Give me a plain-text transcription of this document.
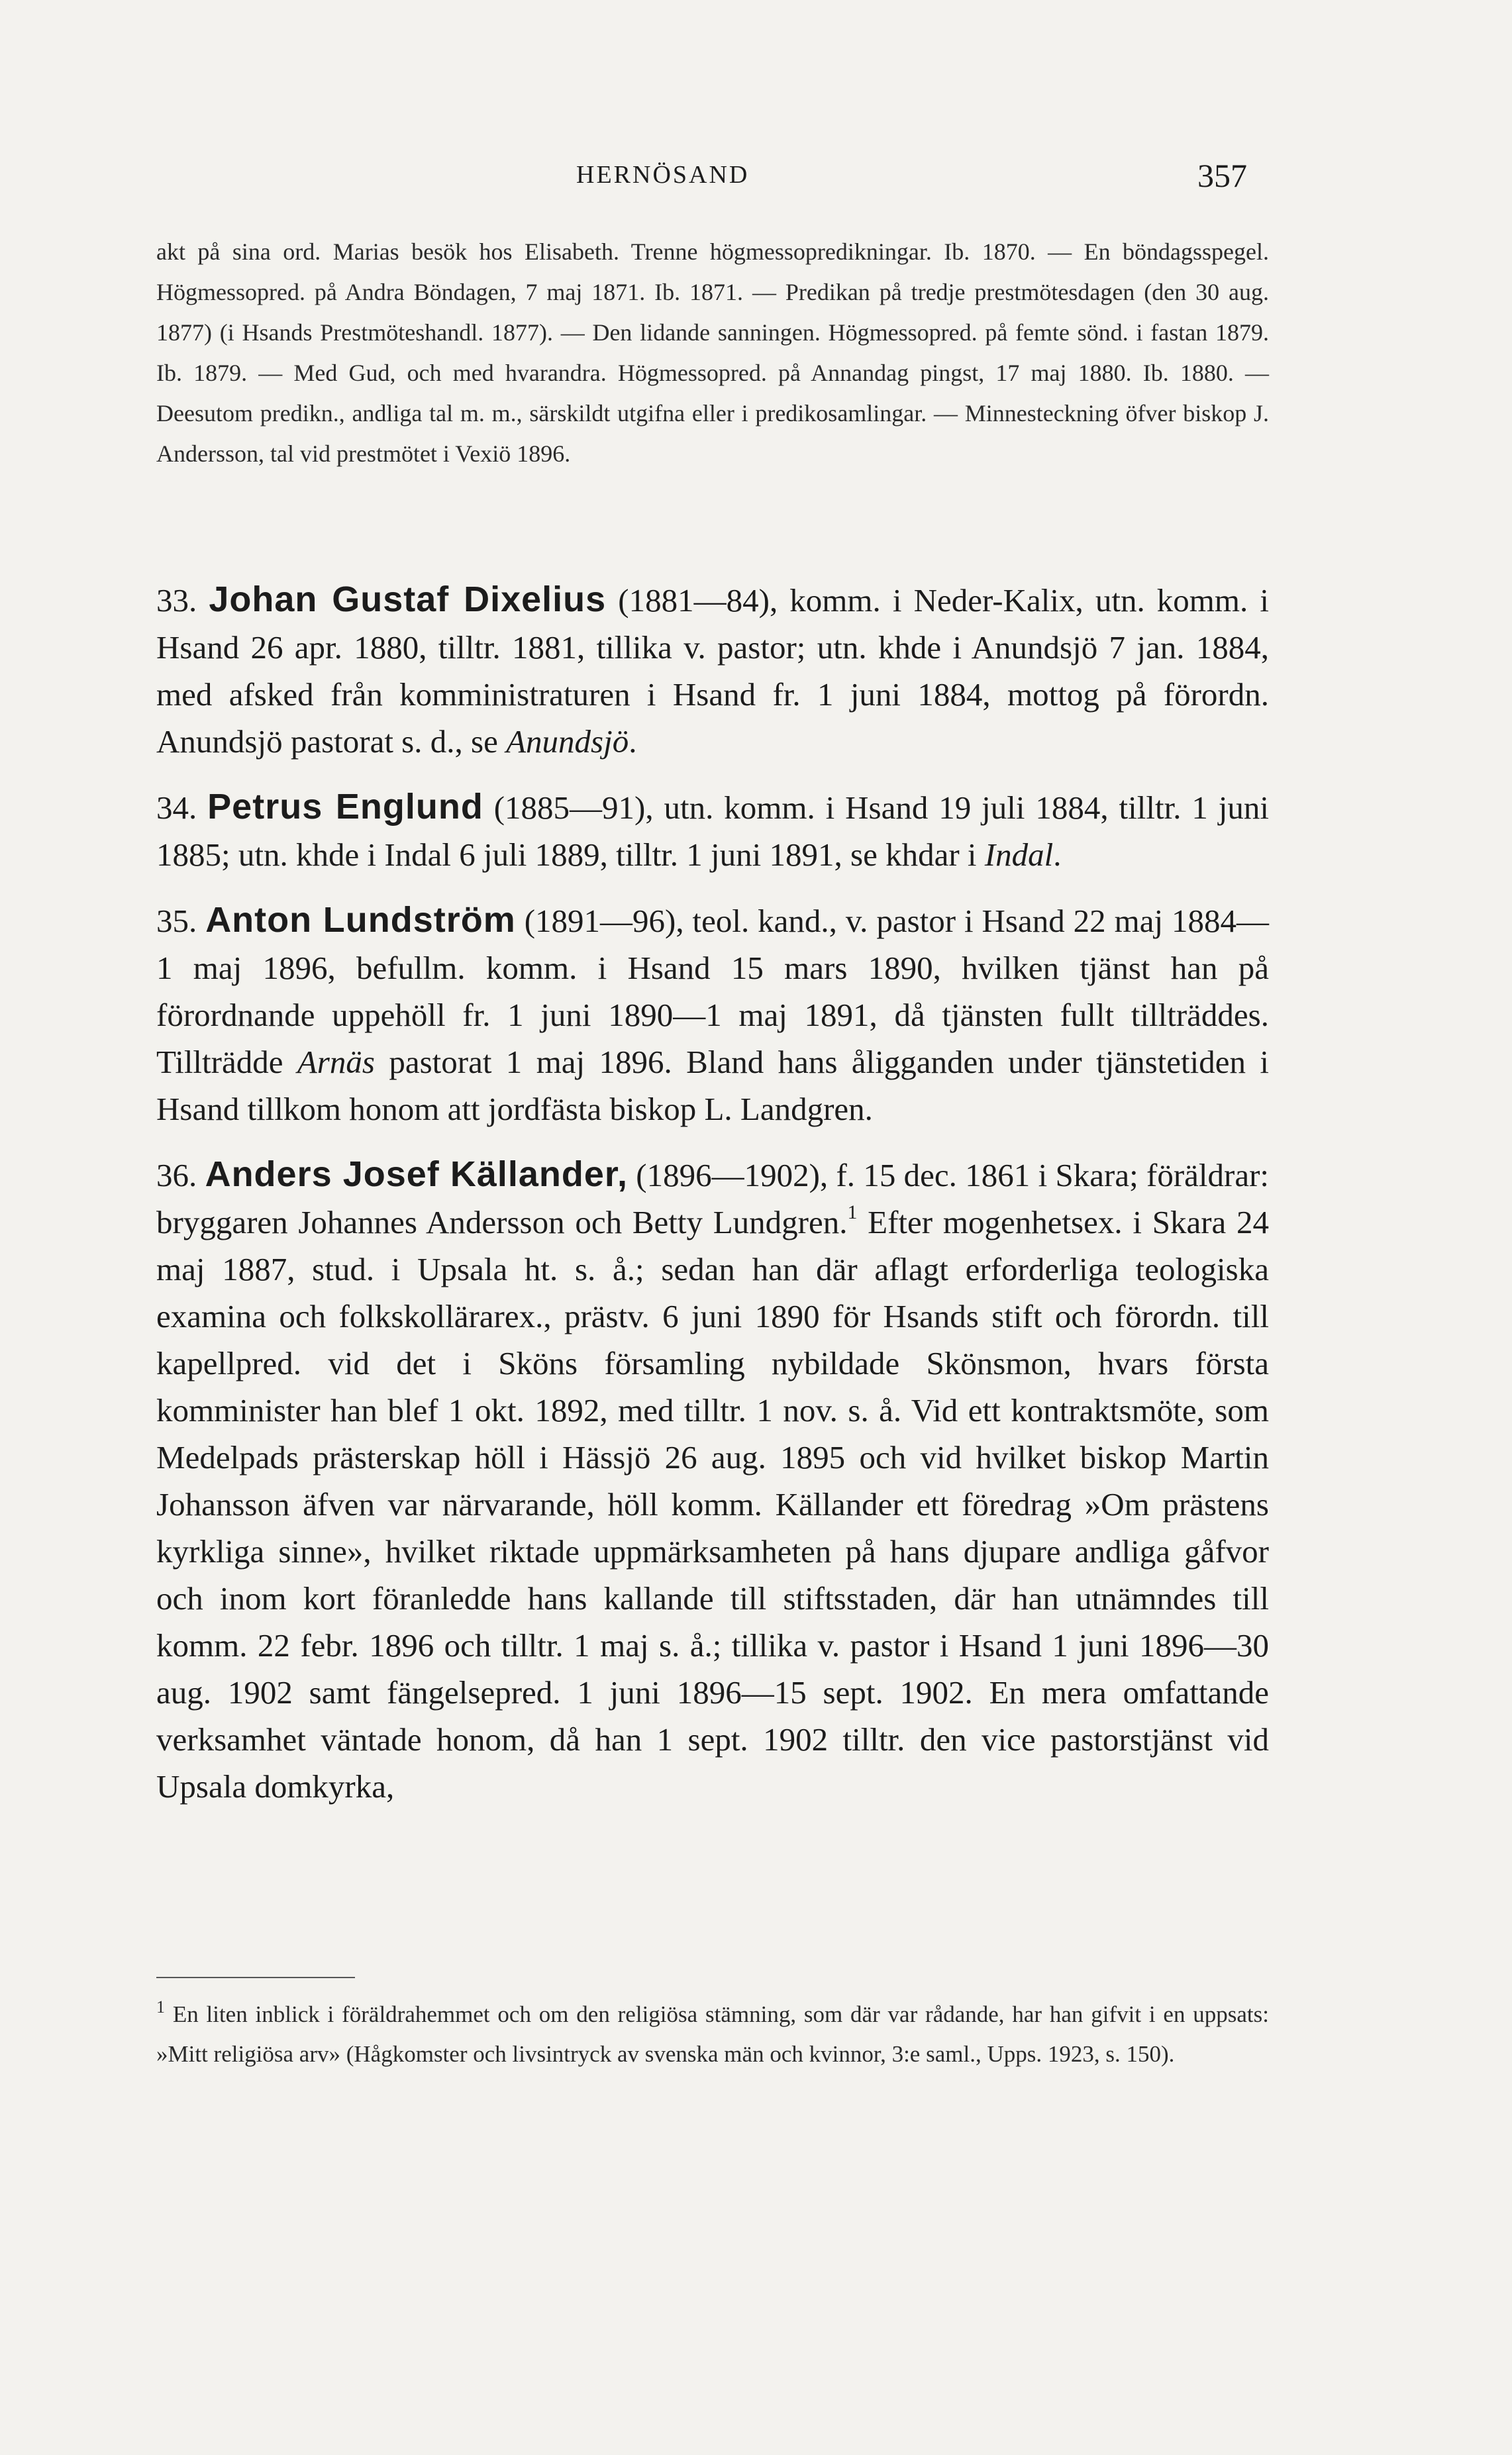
HERNÖSAND	357
akt på sina ord. Marias besök hos Elisabeth. Trenne högmessopredikningar. Ib. 1870. — En böndagsspegel. Högmessopred. på Andra Böndagen, 7 maj 1871. Ib. 1871. — Predikan på tredje prestmötesdagen (den 30 aug. 1877) (i Hsands Prestmöteshandl. 1877). — Den lidande sanningen. Högmessopred. på femte sönd. i fastan 1879. Ib. 1879. — Med Gud, och med hvarandra. Högmessopred. på Annandag pingst, 17 maj 1880. Ib. 1880. — Deesutom predikn., andliga tal m. m., särskildt utgifna eller i predikosamlingar. — Minnesteckning öfver biskop J. Andersson, tal vid prestmötet i Vexiö 1896.

33. Johan Gustaf Dixelius (1881—84), komm. i Neder-Kalix, utn. komm. i Hsand 26 apr. 1880, tilltr. 1881, tillika v. pastor; utn. khde i Anundsjö 7 jan. 1884, med afsked från komministraturen i Hsand fr. 1 juni 1884, mottog på förordn. Anundsjö pastorat s. d., se Anundsjö.

34. Petrus Englund (1885—91), utn. komm. i Hsand 19 juli 1884, tilltr. 1 juni 1885; utn. khde i Indal 6 juli 1889, tilltr. 1 juni 1891, se khdar i Indal.

35. Anton Lundström (1891—96), teol. kand., v. pastor i Hsand 22 maj 1884—1 maj 1896, befullm. komm. i Hsand 15 mars 1890, hvilken tjänst han på förordnande uppehöll fr. 1 juni 1890—1 maj 1891, då tjänsten fullt tillträddes. Tillträdde Arnäs pastorat 1 maj 1896. Bland hans åligganden under tjänstetiden i Hsand tillkom honom att jordfästa biskop L. Landgren.

36. Anders Josef Källander, (1896—1902), f. 15 dec. 1861 i Skara; föräldrar: bryggaren Johannes Andersson och Betty Lundgren.$^1$ Efter mogenhetsex. i Skara 24 maj 1887, stud. i Upsala ht. s. å.; sedan han där aflagt erforderliga teologiska examina och folkskollärarex., prästv. 6 juni 1890 för Hsands stift och förordn. till kapellpred. vid det i Sköns församling nybildade Skönsmon, hvars första komminister han blef 1 okt. 1892, med tilltr. 1 nov. s. å. Vid ett kontraktsmöte, som Medelpads prästerskap höll i Hässjö 26 aug. 1895 och vid hvilket biskop Martin Johansson äfven var närvarande, höll komm. Källander ett föredrag »Om prästens kyrkliga sinne», hvilket riktade uppmärksamheten på hans djupare andliga gåfvor och inom kort föranledde hans kallande till stiftsstaden, där han utnämndes till komm. 22 febr. 1896 och tilltr. 1 maj s. å.; tillika v. pastor i Hsand 1 juni 1896—30 aug. 1902 samt fängelsepred. 1 juni 1896—15 sept. 1902. En mera omfattande verksamhet väntade honom, då han 1 sept. 1902 tilltr. den vice pastorstjänst vid Upsala domkyrka,

$^1$ En liten inblick i föräldrahemmet och om den religiösa stämning, som där var rådande, har han gifvit i en uppsats: »Mitt religiösa arv» (Hågkomster och livsintryck av svenska män och kvinnor, 3:e saml., Upps. 1923, s. 150).
